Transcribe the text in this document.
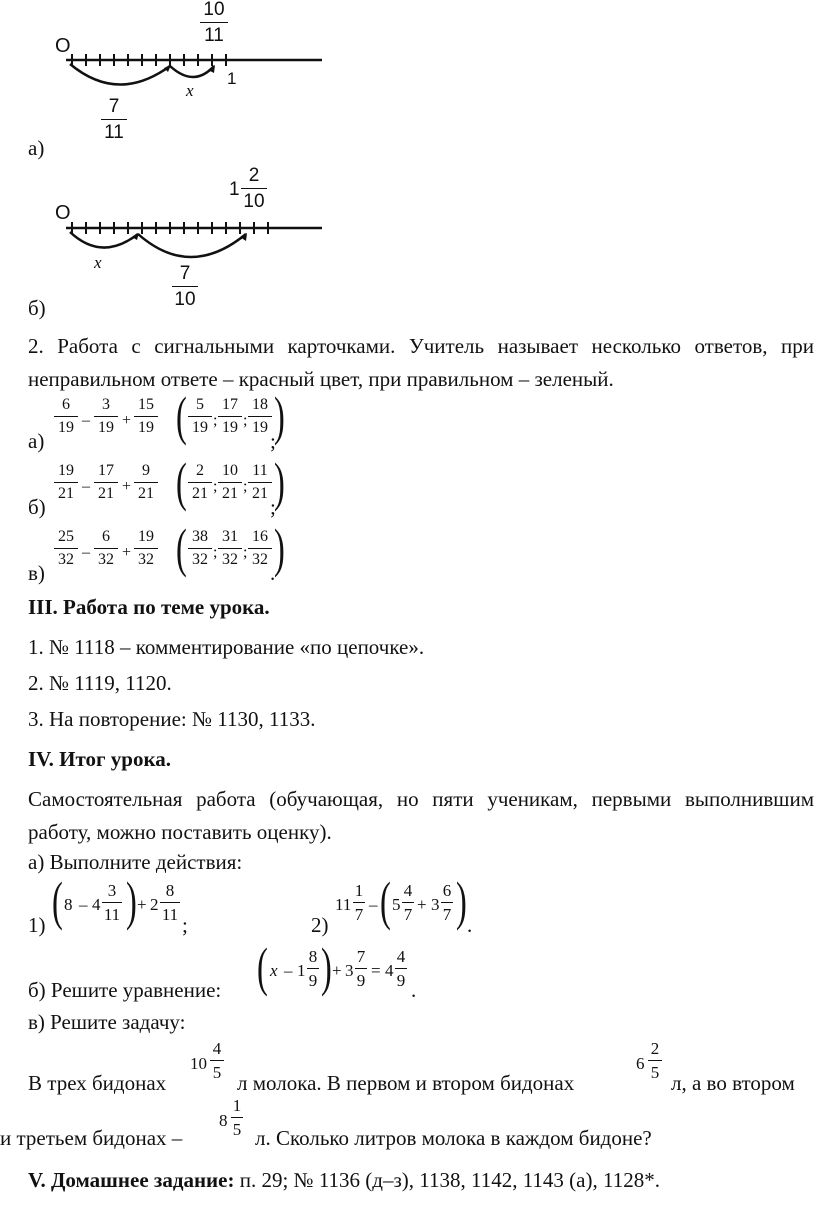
O
1
x
10
11
7
11
а)
O
x
1
2
10
7
10
б)
2. Работа с сигнальными карточками. Учитель называет несколько ответов, при неправильном ответе – красный цвет, при правильном – зеленый.
а)
6
19 –
3
19 +
15
19 ( 5
19 ;
17
19 ;
18
19 )
;
б)
19
21 –
17
21 +
9
21 ( 2
21 ;
10
21 ;
11
21 )
;
в)
25
32 –
6
32 +
19
32 ( 38
32 ;
31
32 ;
16
32 )
.
III. Работа по теме урока.
1. № 1118 – комментирование «по цепочке».
2. № 1119, 1120.
3. На повторение: № 1130, 1133.
IV. Итог урока.
Самостоятельная работа (обучающая, но пяти ученикам, первыми выполнившим работу, можно поставить оценку).
а) Выполните действия:
1) ( 8 – 4
3
11 ) + 2
8
11 ;	2)
11
1
7
– ( 5
4
7
+ 3
6
7 ) .
б) Решите уравнение: ( x – 1
8
9 ) + 3
7
9
= 4
4
9 .
в) Решите задачу:
В трех бидонах
10
4
5 л молока. В первом и втором бидонах
6
2
5 л, а во втором
и третьем бидонах –
8
1
5 л. Сколько литров молока в каждом бидоне?
V. Домашнее задание: п. 29; № 1136 (д–з), 1138, 1142, 1143 (а), 1128*.
